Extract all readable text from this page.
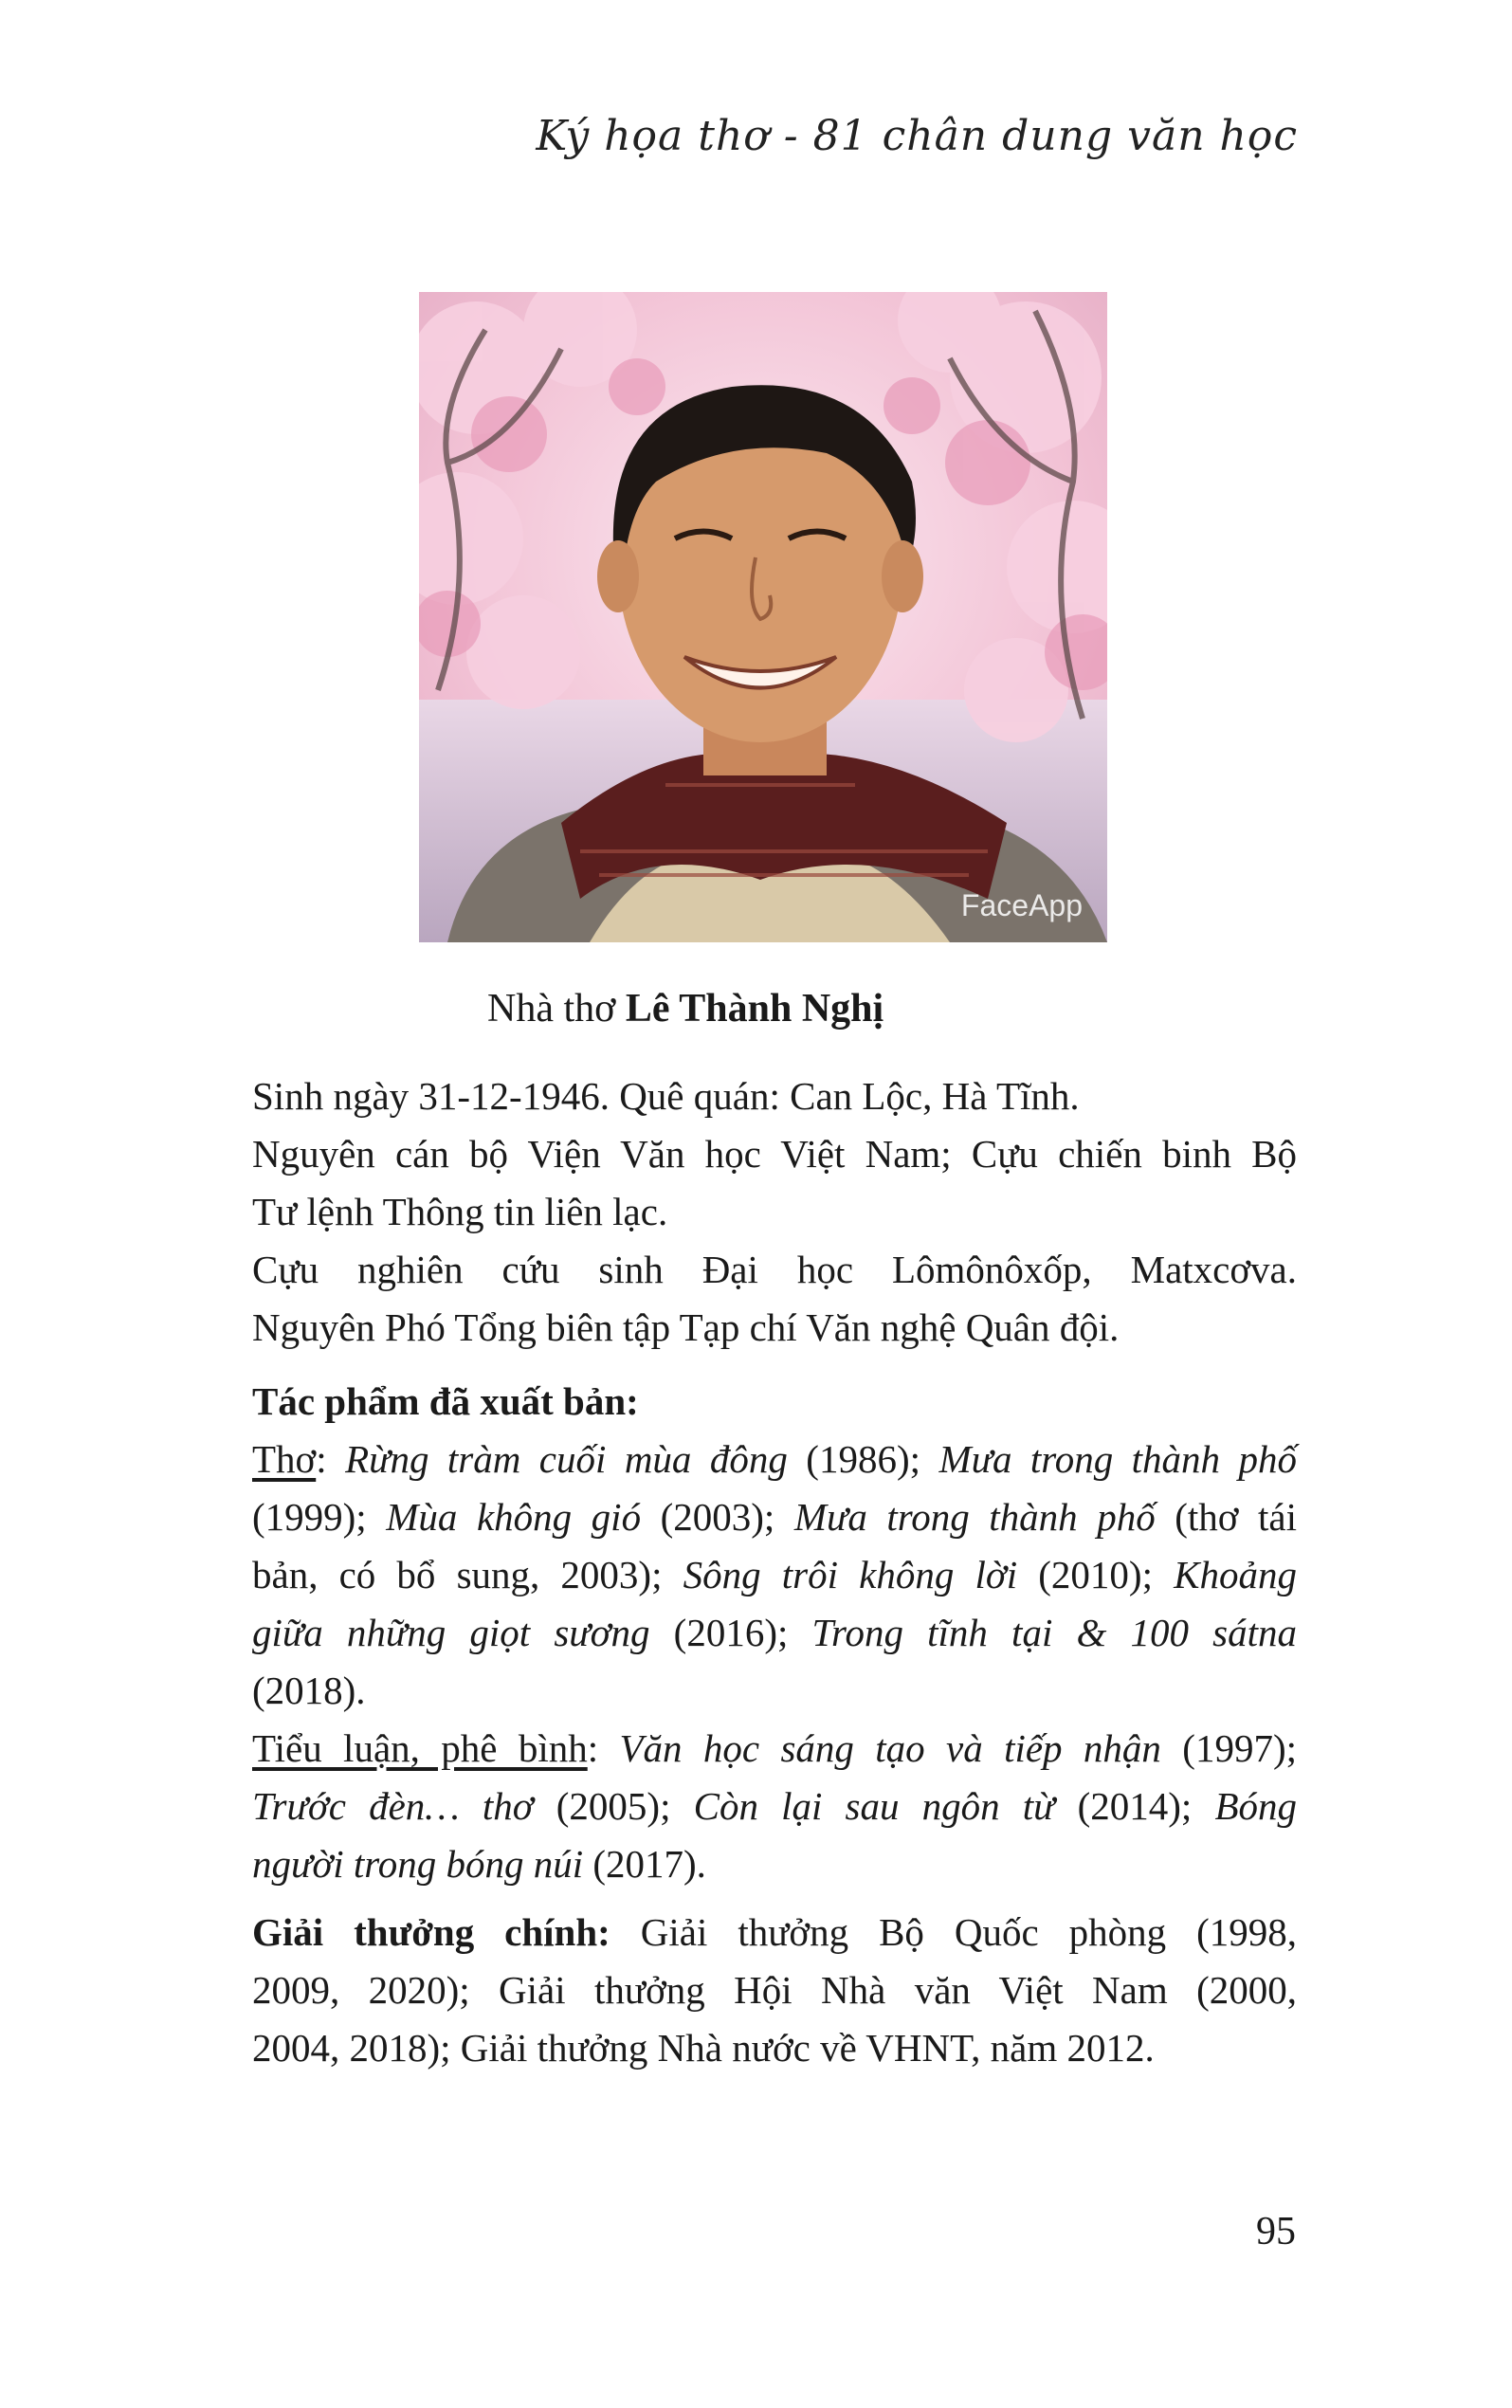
Ký họa thơ - 81 chân dung văn học
FaceApp
Nhà thơ Lê Thành Nghị
Sinh ngày 31-12-1946. Quê quán: Can Lộc, Hà Tĩnh.
Nguyên cán bộ Viện Văn học Việt Nam; Cựu chiến binh Bộ
Tư lệnh Thông tin liên lạc.
Cựu nghiên cứu sinh Đại học Lômônôxốp, Matxcơva.
Nguyên Phó Tổng biên tập Tạp chí Văn nghệ Quân đội.
Tác phẩm đã xuất bản:
Thơ: Rừng tràm cuối mùa đông (1986); Mưa trong thành phố
(1999); Mùa không gió (2003); Mưa trong thành phố (thơ tái
bản, có bổ sung, 2003); Sông trôi không lời (2010); Khoảng
giữa những giọt sương (2016); Trong tĩnh tại & 100 sátna
(2018).
Tiểu luận, phê bình: Văn học sáng tạo và tiếp nhận (1997);
Trước đèn… thơ (2005); Còn lại sau ngôn từ (2014); Bóng
người trong bóng núi (2017).
Giải thưởng chính: Giải thưởng Bộ Quốc phòng (1998,
2009, 2020); Giải thưởng Hội Nhà văn Việt Nam (2000,
2004, 2018); Giải thưởng Nhà nước về VHNT, năm 2012.
95
